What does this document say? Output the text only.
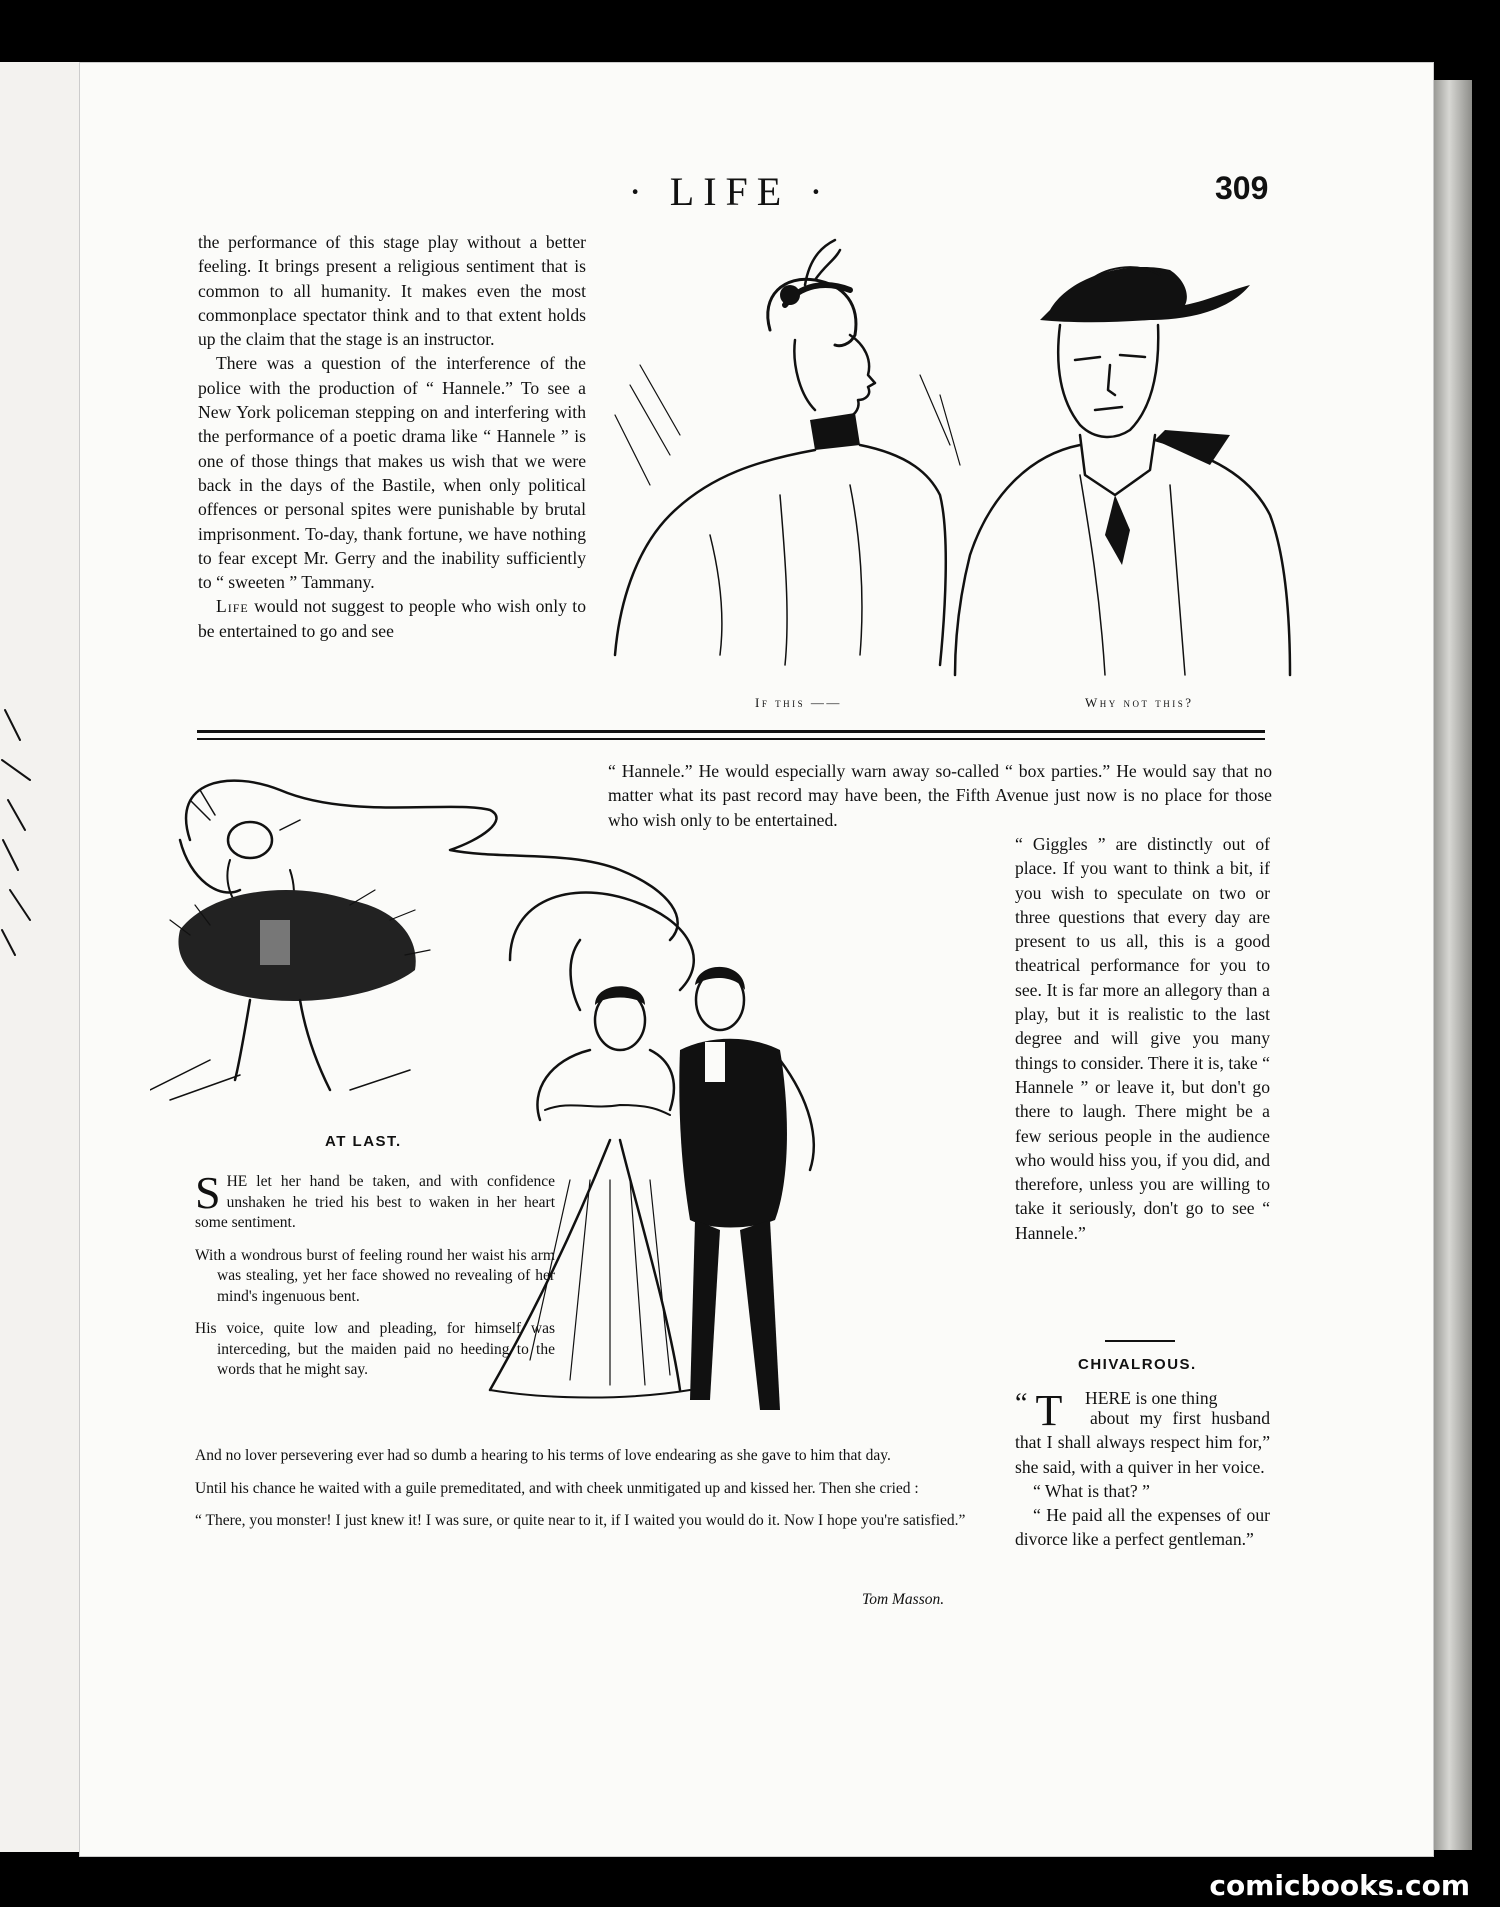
· LIFE ·	309

the performance of this stage play without a better feeling. It brings present a religious sentiment that is common to all humanity. It makes even the most commonplace spectator think and to that extent holds up the claim that the stage is an instructor.

There was a question of the interference of the police with the production of “ Hannele.” To see a New York policeman stepping on and interfering with the performance of a poetic drama like “ Hannele ” is one of those things that makes us wish that we were back in the days of the Bastile, when only political offences or personal spites were punishable by brutal imprisonment. To-day, thank fortune, we have nothing to fear except Mr. Gerry and the inability sufficiently to “ sweeten ” Tammany.

Life would not suggest to people who wish only to be entertained to go and see

If this ——	Why not this?
“ Hannele.” He would especially warn away so-called “ box parties.” He would say that no matter what its past record may have been, the Fifth Avenue just now is no place for those who wish only to be entertained.
“ Giggles ” are distinctly out of place. If you want to think a bit, if you wish to speculate on two or three questions that every day are present to us all, this is a good theatrical performance for you to see. It is far more an allegory than a play, but it is realistic to the last degree and will give you many things to consider. There it is, take “ Hannele ” or leave it, but don't go there to laugh. There might be a few serious people in the audience who would hiss you, if you did, and therefore, unless you are willing to take it seriously, don't go to see “ Hannele.”
AT LAST.

SHE let her hand be taken, and with confidence unshaken he tried his best to waken in her heart some sentiment.

With a wondrous burst of feeling round her waist his arm was stealing, yet her face showed no revealing of her mind's ingenuous bent.

His voice, quite low and pleading, for himself was interceding, but the maiden paid no heeding to the words that he might say.

And no lover persevering ever had so dumb a hearing to his terms of love endearing as she gave to him that day.

Until his chance he waited with a guile premeditated, and with cheek unmitigated up and kissed her. Then she cried :

“ There, you monster! I just knew it! I was sure, or quite near to it, if I waited you would do it. Now I hope you're satisfied.”

Tom Masson.
CHIVALROUS.
“ T	HERE is one thing
about my first husband that I shall always respect him for,” she said, with a quiver in her voice.
“ What is that? ”
“ He paid all the expenses of our divorce like a perfect gentleman.”
comicbooks.com
